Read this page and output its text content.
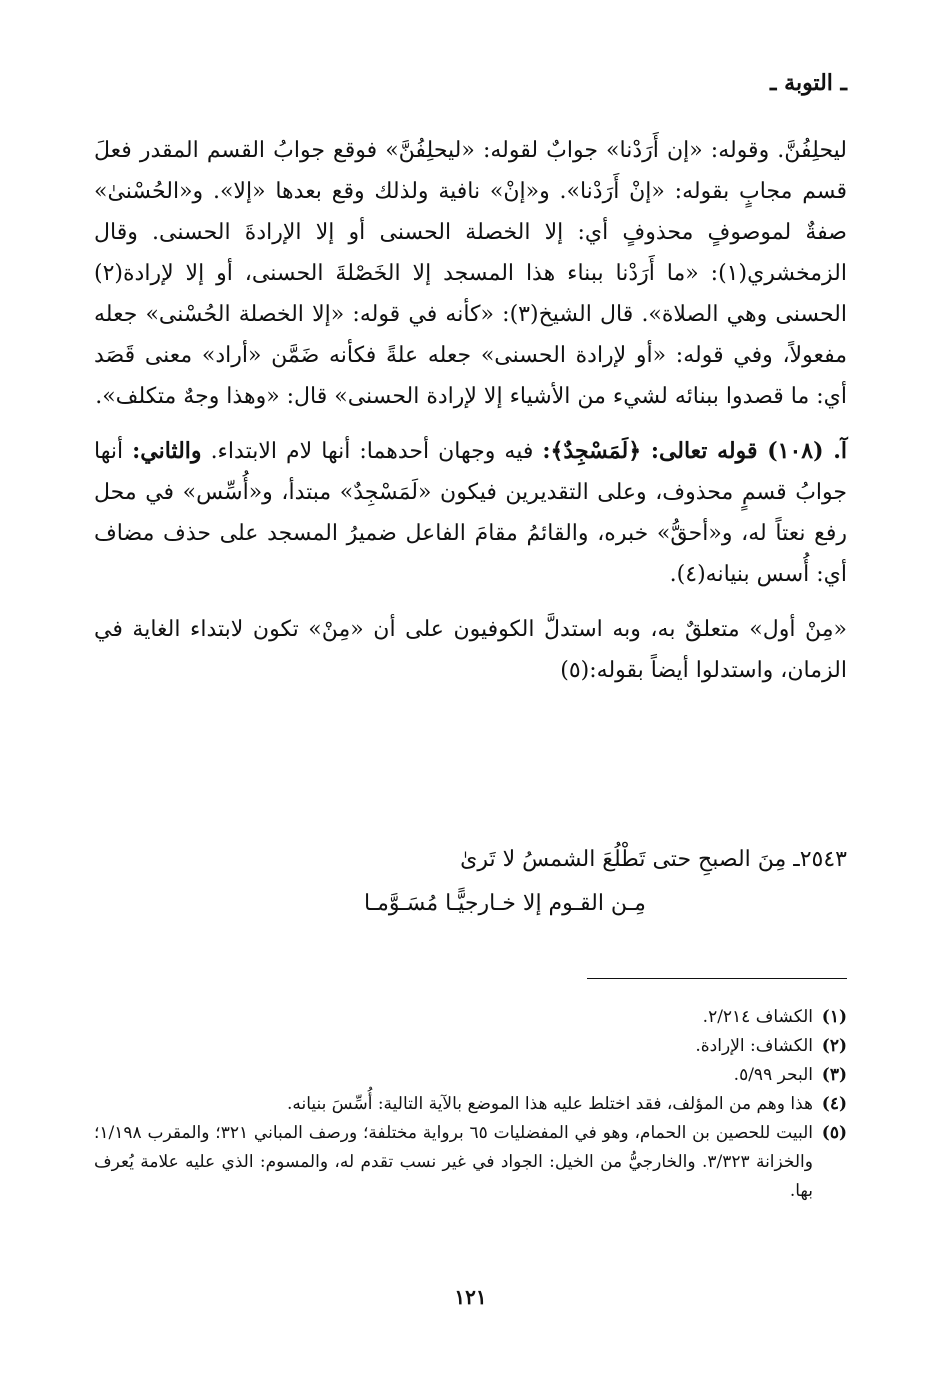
ـ التوبة ـ

ليحلِفُنَّ. وقوله: «إن أَرَدْنا» جوابٌ لقوله: «ليحلِفُنَّ» فوقع جوابُ القسم المقدر فعلَ قسم مجابٍ بقوله: «إنْ أَرَدْنا». و«إنْ» نافية ولذلك وقع بعدها «إلا». و«الحُسْنىٰ» صفةٌ لموصوفٍ محذوفٍ أي: إلا الخصلة الحسنى أو إلا الإرادةَ الحسنى. وقال الزمخشري(١): «ما أَرَدْنا ببناء هذا المسجد إلا الخَصْلةَ الحسنى، أو إلا لإرادة(٢) الحسنى وهي الصلاة». قال الشيخ(٣): «كأنه في قوله: «إلا الخصلة الحُسْنى» جعله مفعولاً، وفي قوله: «أو لإرادة الحسنى» جعله علةً فكأنه ضَمَّن «أراد» معنى قَصَد أي: ما قصدوا ببنائه لشيء من الأشياء إلا لإرادة الحسنى» قال: «وهذا وجهٌ متكلف».

آ. (١٠٨) قوله تعالى: ﴿لَمَسْجِدٌ﴾: فيه وجهان أحدهما: أنها لام الابتداء. والثاني: أنها جوابُ قسمٍ محذوف، وعلى التقديرين فيكون «لَمَسْجِدٌ» مبتدأ، و«أُسِّس» في محل رفع نعتاً له، و«أحقُّ» خبره، والقائمُ مقامَ الفاعل ضميرُ المسجد على حذف مضاف أي: أُسس بنيانه(٤).

«مِنْ أول» متعلقٌ به، وبه استدلَّ الكوفيون على أن «مِنْ» تكون لابتداء الغاية في الزمان، واستدلوا أيضاً بقوله:(٥)

٢٥٤٣ـ مِنَ الصبحِ حتى تَطْلُعَ الشمسُ لا تَرىٰ
مِـن القـوم إلا خـارجيًّـا مُسَـوَّمـا
(١)
الكشاف ٢/٢١٤.
(٢)
الكشاف: الإرادة.
(٣)
البحر ٥/٩٩.
(٤)
هذا وهم من المؤلف، فقد اختلط عليه هذا الموضع بالآية التالية: أُسِّسَ بنيانه.
(٥)
البيت للحصين بن الحمام، وهو في المفضليات ٦٥ برواية مختلفة؛ ورصف المباني ٣٢١؛ والمقرب ١/١٩٨؛ والخزانة ٣/٣٢٣. والخارجيُّ من الخيل: الجواد في غير نسب تقدم له، والمسوم: الذي عليه علامة يُعرف بها.
١٢١
